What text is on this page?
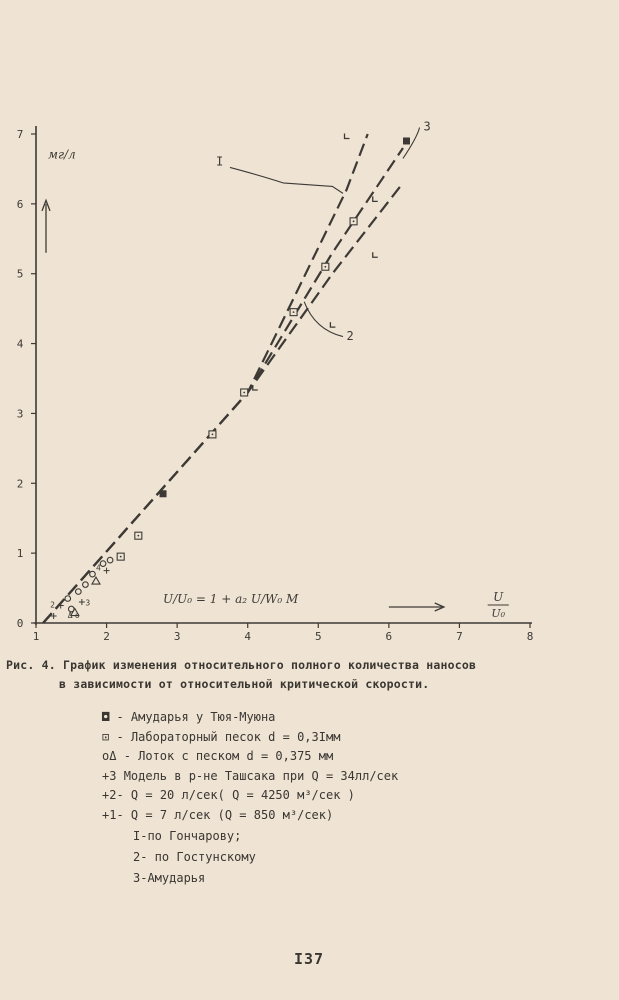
1	2	3	4	5	6	7	8
0
1
2
3
4
5
6
7
мг/л
U
U₀
U/U₀ = 1 + a₂ U/W₀ M
I
3
2
2	3
Δ o
4
Рис. 4. График изменения относительного полного количества наносов
в зависимости от относительной критической скорости.
◘ - Амударья у Тюя-Муюна
⊡ - Лабораторный песок d = 0,3Iмм
oΔ - Лоток с песком d = 0,375 мм
+3 Модель в р-не Ташсака при Q = 34лл/сек
+2- Q = 20 л/сек( Q = 4250 м³/сек )
+1- Q = 7 л/сек (Q = 850 м³/сек)
I-по Гончарову;
2- по Гостунскому
3-Амударья
I37
